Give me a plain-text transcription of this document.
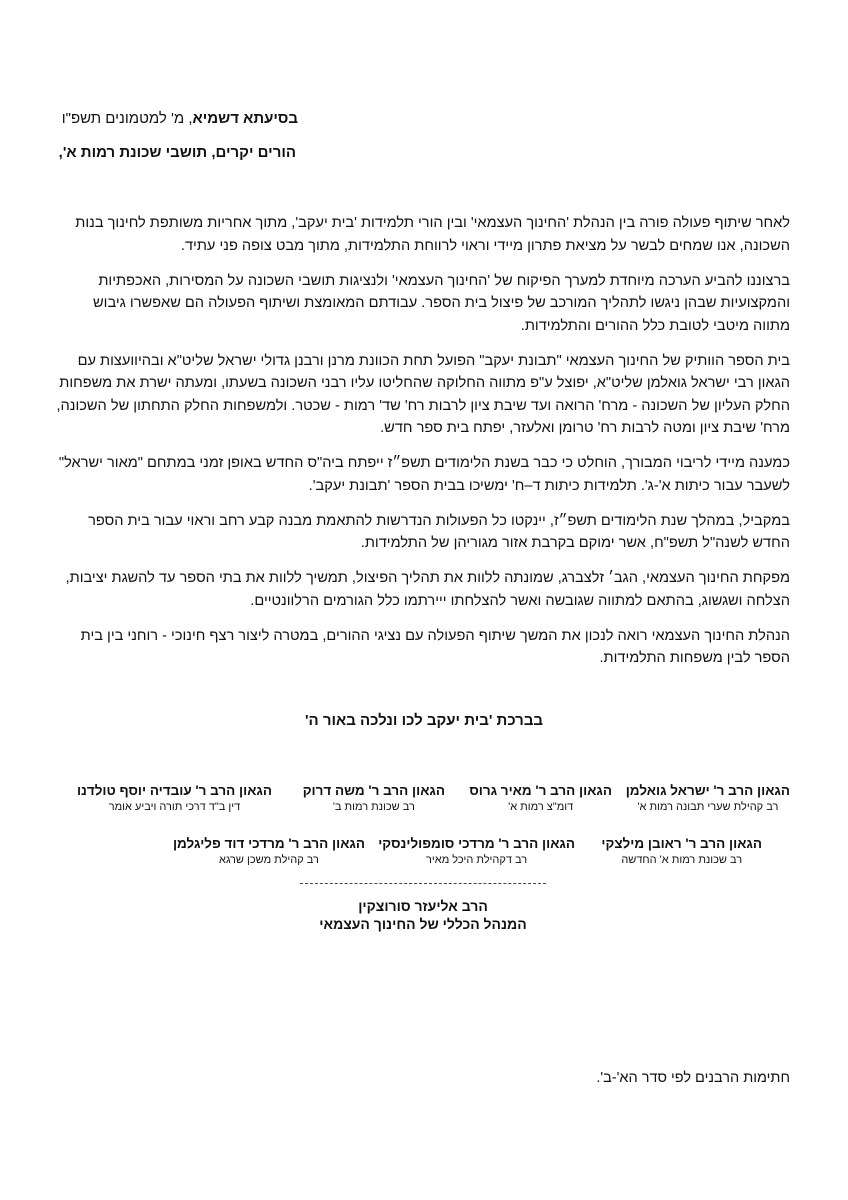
בסיעתא דשמיא, מ' למטמונים תשפ"ו
הורים יקרים, תושבי שכונת רמות א',

לאחר שיתוף פעולה פורה בין הנהלת 'החינוך העצמאי' ובין הורי תלמידות 'בית יעקב', מתוך אחריות משותפת לחינוך בנות השכונה, אנו שמחים לבשר על מציאת פתרון מיידי וראוי לרווחת התלמידות, מתוך מבט צופה פני עתיד.

ברצוננו להביע הערכה מיוחדת למערך הפיקוח של 'החינוך העצמאי' ולנציגות תושבי השכונה על המסירות, האכפתיות והמקצועיות שבהן ניגשו לתהליך המורכב של פיצול בית הספר. עבודתם המאומצת ושיתוף הפעולה הם שאפשרו גיבוש מתווה מיטבי לטובת כלל ההורים והתלמידות.

בית הספר הוותיק של החינוך העצמאי "תבונת יעקב" הפועל תחת הכוונת מרנן ורבנן גדולי ישראל שליט"א ובהיוועצות עם הגאון רבי ישראל גואלמן שליט"א, יפוצל ע"פ מתווה החלוקה שהחליטו עליו רבני השכונה בשעתו, ומעתה ישרת את משפחות החלק העליון של השכונה - מרח' הרואה ועד שיבת ציון לרבות רח' שד' רמות - שכטר. ולמשפחות החלק התחתון של השכונה, מרח' שיבת ציון ומטה לרבות רח' טרומן ואלעזר, יפתח בית ספר חדש.

כמענה מיידי לריבוי המבורך, הוחלט כי כבר בשנת הלימודים תשפ״ז ייפתח ביה"ס החדש באופן זמני במתחם "מאור ישראל" לשעבר עבור כיתות א'-ג'. תלמידות כיתות ד–ח' ימשיכו בבית הספר 'תבונת יעקב'.

במקביל, במהלך שנת הלימודים תשפ״ז, יינקטו כל הפעולות הנדרשות להתאמת מבנה קבע רחב וראוי עבור בית הספר החדש לשנה"ל תשפ"ח, אשר ימוקם בקרבת אזור מגוריהן של התלמידות.

מפקחת החינוך העצמאי, הגב׳ זלצברג, שמונתה ללוות את תהליך הפיצול, תמשיך ללוות את בתי הספר עד להשגת יציבות, הצלחה ושגשוג, בהתאם למתווה שגובשה ואשר להצלחתו ייירתמו כלל הגורמים הרלוונטיים.

הנהלת החינוך העצמאי רואה לנכון את המשך שיתוף הפעולה עם נציגי ההורים, במטרה ליצור רצף חינוכי - רוחני בין בית הספר לבין משפחות התלמידות.

בברכת 'בית יעקב לכו ונלכה באור ה'
הגאון הרב ר' ישראל גואלמן
רב קהילת שערי תבונה רמות א'
הגאון הרב ר' מאיר גרוס
דומ"צ רמות א'
הגאון הרב ר' משה דרוק
רב שכונת רמות ב'
הגאון הרב ר' עובדיה יוסף טולדנו
דין ב"ד דרכי תורה ויביע אומר
הגאון הרב ר' ראובן מילצקי
רב שכונת רמות א' החדשה
הגאון הרב ר' מרדכי סומפולינסקי
רב דקהילת היכל מאיר
הגאון הרב ר' מרדכי דוד פליגלמן
רב קהילת משכן שרגא
הרב אליעזר סורוצקין
המנהל הכללי של החינוך העצמאי
חתימות הרבנים לפי סדר הא'-ב'.
